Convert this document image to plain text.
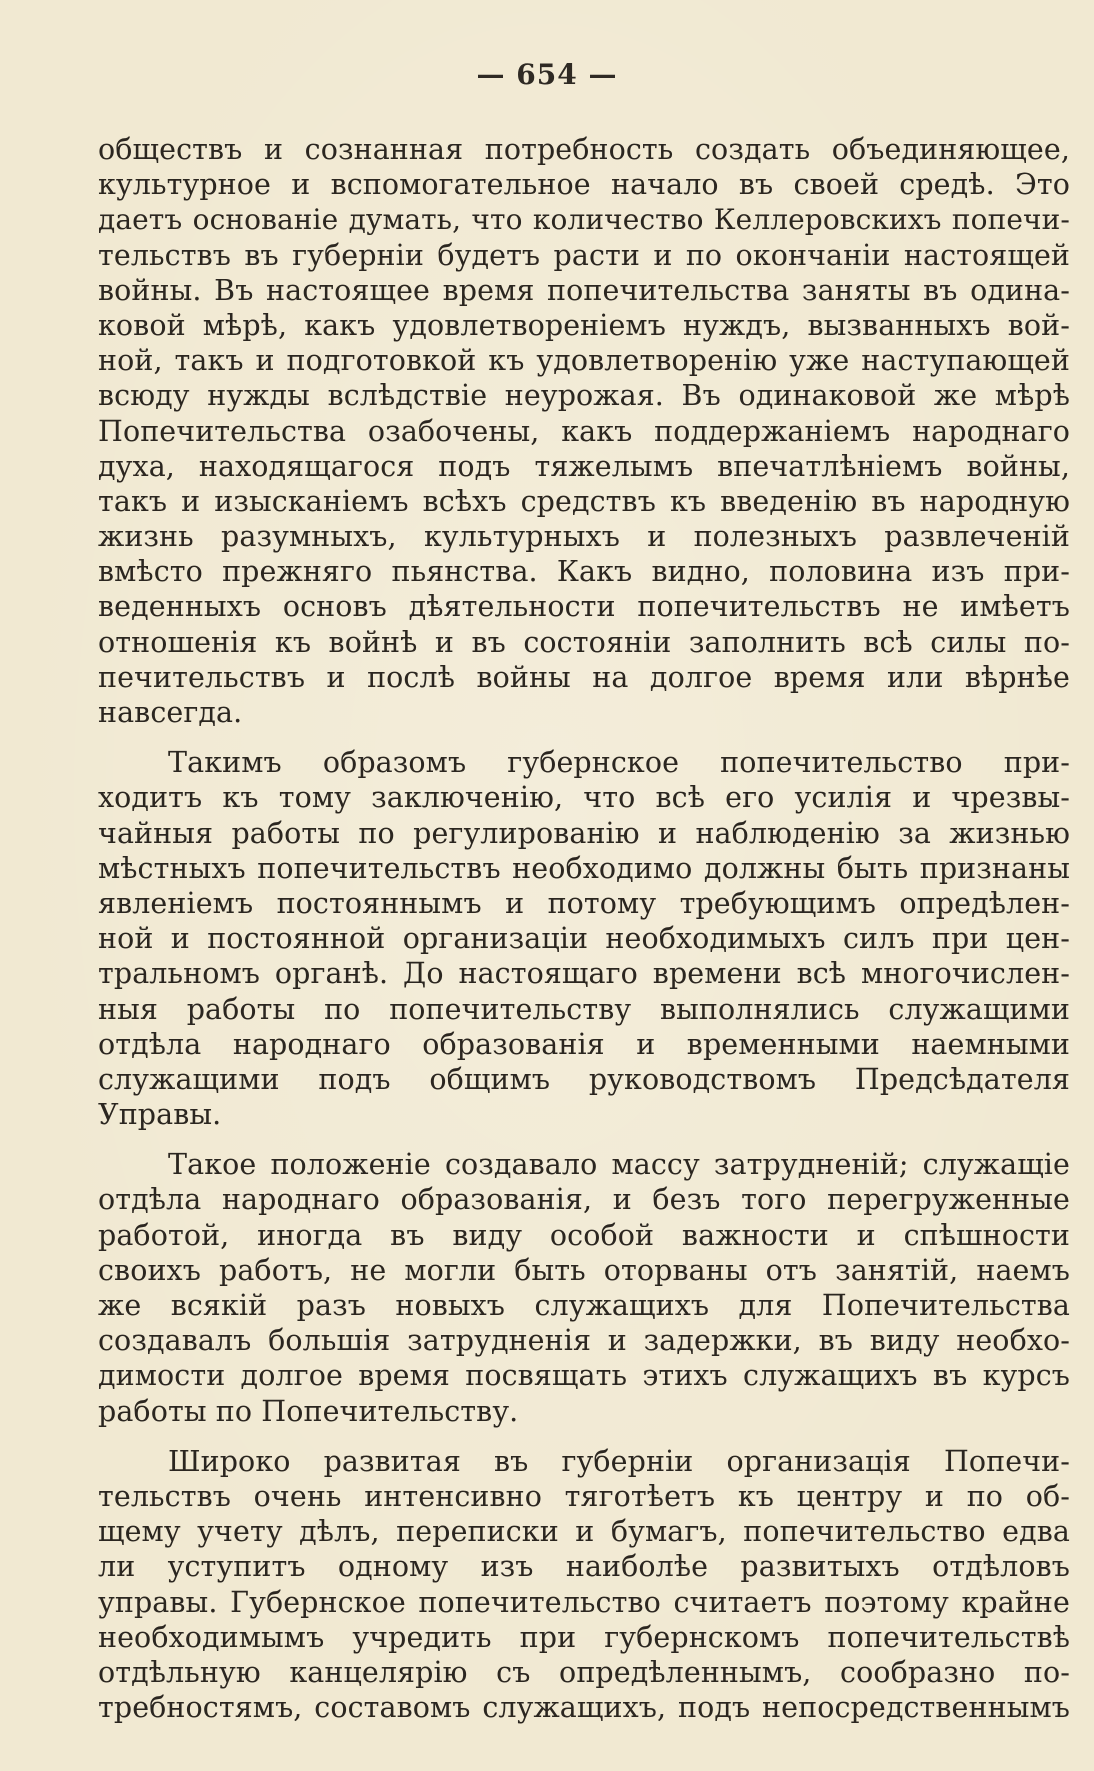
— 654 —
обществъ и сознанная потребность создать объединяющее,
культурное и вспомогательное начало въ своей средѣ. Это
даетъ основаніе думать, что количество Келлеровскихъ попечи-
тельствъ въ губерніи будетъ расти и по окончаніи настоящей
войны. Въ настоящее время попечительства заняты въ одина-
ковой мѣрѣ, какъ удовлетвореніемъ нуждъ, вызванныхъ вой-
ной, такъ и подготовкой къ удовлетворенію уже наступающей
всюду нужды вслѣдствіе неурожая. Въ одинаковой же мѣрѣ
Попечительства озабочены, какъ поддержаніемъ народнаго
духа, находящагося подъ тяжелымъ впечатлѣніемъ войны,
такъ и изысканіемъ всѣхъ средствъ къ введенію въ народную
жизнь разумныхъ, культурныхъ и полезныхъ развлеченій
вмѣсто прежняго пьянства. Какъ видно, половина изъ при-
веденныхъ основъ дѣятельности попечительствъ не имѣетъ
отношенія къ войнѣ и въ состояніи заполнить всѣ силы по-
печительствъ и послѣ войны на долгое время или вѣрнѣе
навсегда.
Такимъ образомъ губернское попечительство при-
ходитъ къ тому заключенію, что всѣ его усилія и чрезвы-
чайныя работы по регулированію и наблюденію за жизнью
мѣстныхъ попечительствъ необходимо должны быть признаны
явленіемъ постояннымъ и потому требующимъ опредѣлен-
ной и постоянной организаціи необходимыхъ силъ при цен-
тральномъ органѣ. До настоящаго времени всѣ многочислен-
ныя работы по попечительству выполнялись служащими
отдѣла народнаго образованія и временными наемными
служащими подъ общимъ руководствомъ Предсѣдателя
Управы.
Такое положеніе создавало массу затрудненій; служащіе
отдѣла народнаго образованія, и безъ того перегруженные
работой, иногда въ виду особой важности и спѣшности
своихъ работъ, не могли быть оторваны отъ занятій, наемъ
же всякій разъ новыхъ служащихъ для Попечительства
создавалъ большія затрудненія и задержки, въ виду необхо-
димости долгое время посвящать этихъ служащихъ въ курсъ
работы по Попечительству.
Широко развитая въ губерніи организація Попечи-
тельствъ очень интенсивно тяготѣетъ къ центру и по об-
щему учету дѣлъ, переписки и бумагъ, попечительство едва
ли уступитъ одному изъ наиболѣе развитыхъ отдѣловъ
управы. Губернское попечительство считаетъ поэтому крайне
необходимымъ учредить при губернскомъ попечительствѣ
отдѣльную канцелярію съ опредѣленнымъ, сообразно по-
требностямъ, составомъ служащихъ, подъ непосредственнымъ
